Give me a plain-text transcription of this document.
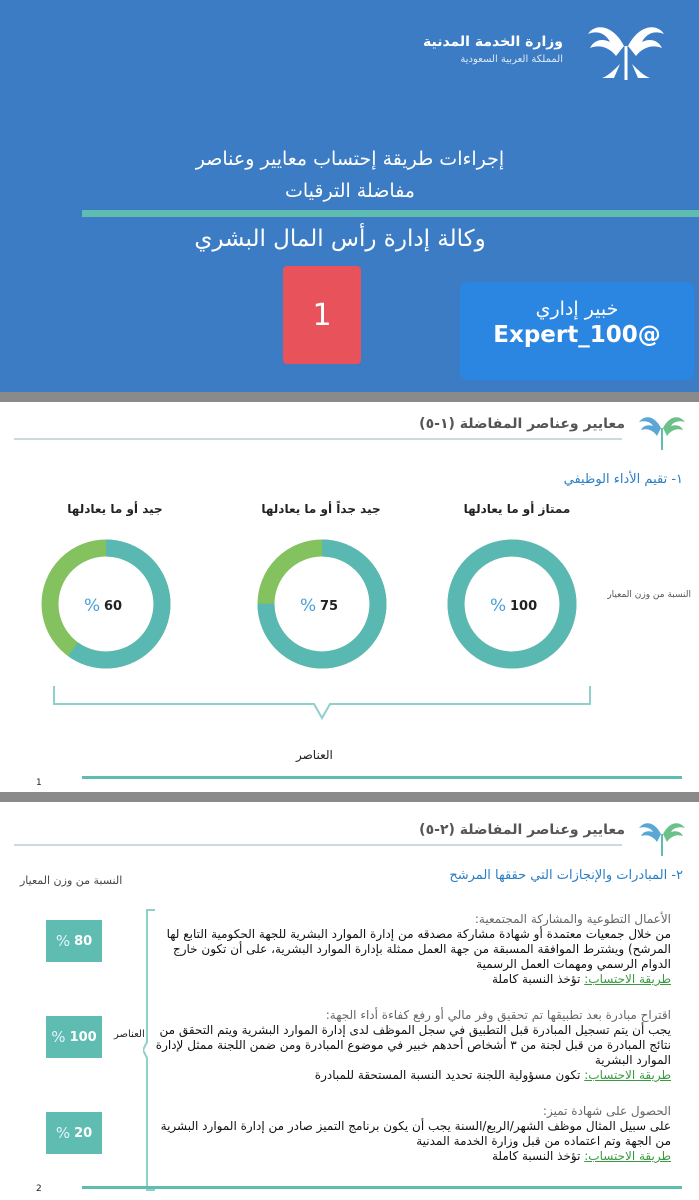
وزارة الخدمة المدنية
المملكة العربية السعودية
إجراءات طريقة إحتساب معايير وعناصر
مفاضلة الترقيات
وكالة إدارة رأس المال البشري
1	خبير إداري
Expert_100@
معايير وعناصر المفاضلة (١-٥)
١- تقيم الأداء الوظيفي
ممتاز أو ما يعادلها
جيد جداً أو ما يعادلها
جيد أو ما يعادلها
% 100
% 75
% 60
النسبة من وزن المعيار
العناصر
1
معايير وعناصر المفاضلة (٢-٥)
٢- المبادرات والإنجازات التي حققها المرشح
النسبة من وزن المعيار
% 80
% 100
% 20
العناصر
الأعمال التطوعية والمشاركة المجتمعية:
من خلال جمعيات معتمدة أو شهادة مشاركة مصدقه من إدارة الموارد البشرية للجهة الحكومية التابع لها المرشح) ويشترط الموافقة المسبقة من جهة العمل ممثلة بإدارة الموارد البشرية، على أن تكون خارج الدوام الرسمي ومهمات العمل الرسمية
طريقة الاحتساب: تؤخذ النسبة كاملة
اقتراح مبادرة بعد تطبيقها تم تحقيق وفر مالي أو رفع كفاءة أداء الجهة:
يجب أن يتم تسجيل المبادرة قبل التطبيق في سجل الموظف لدى إدارة الموارد البشرية ويتم التحقق من نتائج المبادرة من قبل لجنة من ٣ أشخاص أحدهم خبير في موضوع المبادرة ومن ضمن اللجنة ممثل لإدارة الموارد البشرية
طريقة الاحتساب: تكون مسؤولية اللجنة تحديد النسبة المستحقة للمبادرة
الحصول على شهادة تميز:
على سبيل المثال موظف الشهر/الربع/السنة يجب أن يكون برنامج التميز صادر من إدارة الموارد البشرية من الجهة وتم اعتماده من قبل وزارة الخدمة المدنية
طريقة الاحتساب: تؤخذ النسبة كاملة
2
